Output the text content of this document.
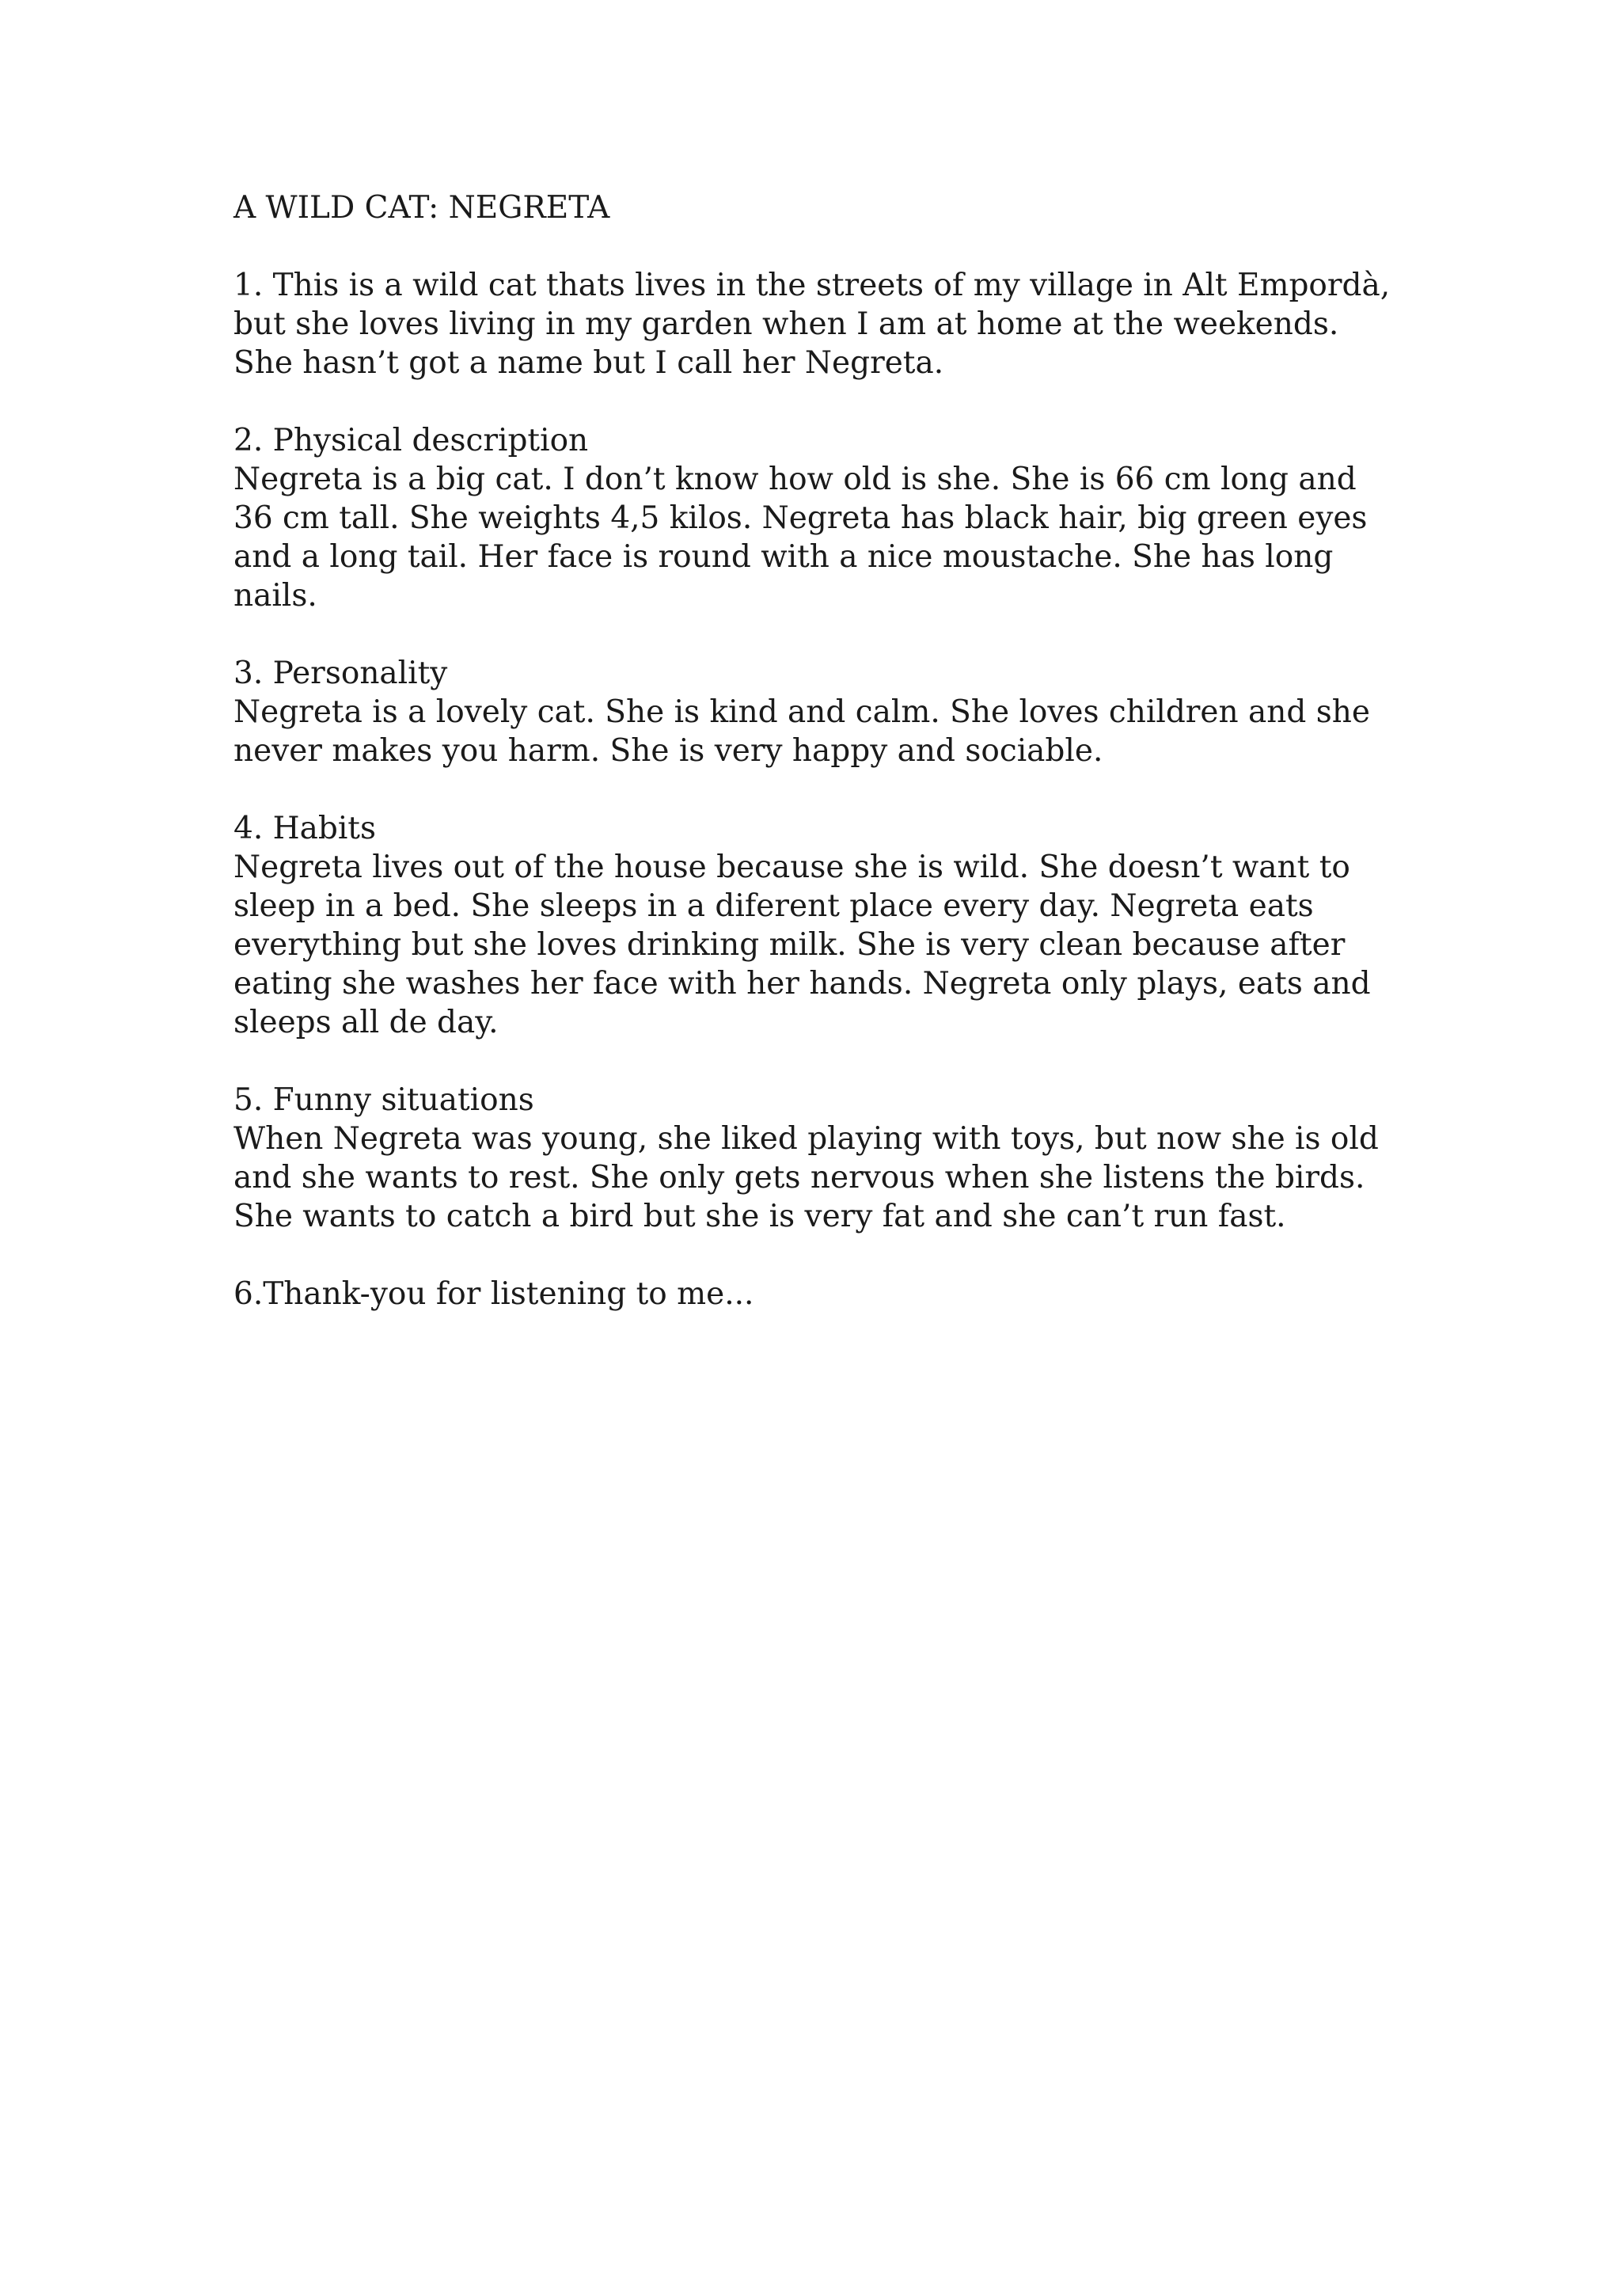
A WILD CAT: NEGRETA

1. This is a wild cat thats lives in the streets of my village in Alt Empordà, but she loves living in my garden when I am at home at the weekends. She hasn’t got a name but I call her Negreta.

2. Physical description
Negreta is a big cat. I don’t know how old is she. She is 66 cm long and 36 cm tall. She weights 4,5 kilos. Negreta has black hair, big green eyes and a long tail. Her face is round with a nice moustache. She has long nails.
3. Personality
Negreta is a lovely cat. She is kind and calm. She loves children and she never makes you harm. She is very happy and sociable.
4. Habits
Negreta lives out of the house because she is wild. She doesn’t want to sleep in a bed. She sleeps in a diferent place every day. Negreta eats everything but she loves drinking milk. She is very clean because after eating she washes her face with her hands. Negreta only plays, eats and sleeps all de day.
5. Funny situations
When Negreta was young, she liked playing with toys, but now she is old and she wants to rest. She only gets nervous when she listens the birds. She wants to catch a bird but she is very fat and she can’t run fast.

6.Thank-you for listening to me...
